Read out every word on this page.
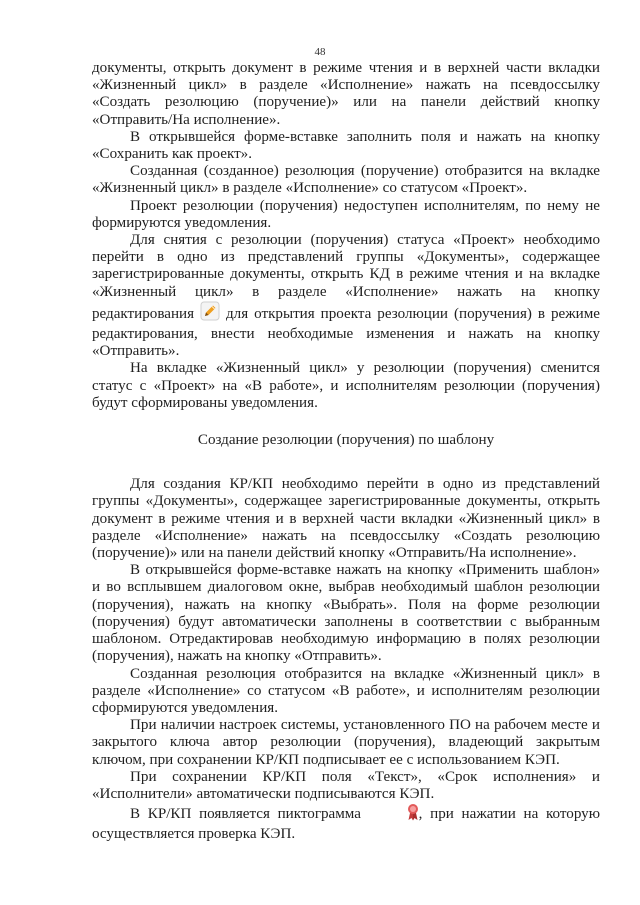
48

документы, открыть документ в режиме чтения и в верхней части вкладки «Жизненный цикл» в разделе «Исполнение» нажать на псевдоссылку «Создать резолюцию (поручение)» или на панели действий кнопку «Отправить/На исполнение».

В открывшейся форме-вставке заполнить поля и нажать на кнопку «Сохранить как проект».

Созданная (созданное) резолюция (поручение) отобразится на вкладке «Жизненный цикл» в разделе «Исполнение» со статусом «Проект».

Проект резолюции (поручения) недоступен исполнителям, по нему не формируются уведомления.

Для снятия с резолюции (поручения) статуса «Проект» необходимо перейти в одно из представлений группы «Документы», содержащее зарегистрированные документы, открыть КД в режиме чтения и на вкладке «Жизненный цикл» в разделе «Исполнение» нажать на кнопку

редактирования для открытия проекта резолюции (поручения) в режиме редактирования, внести необходимые изменения и нажать на кнопку «Отправить».

На вкладке «Жизненный цикл» у резолюции (поручения) сменится статус с «Проект» на «В работе», и исполнителям резолюции (поручения) будут сформированы уведомления.

Создание резолюции (поручения) по шаблону

Для создания КР/КП необходимо перейти в одно из представлений группы «Документы», содержащее зарегистрированные документы, открыть документ в режиме чтения и в верхней части вкладки «Жизненный цикл» в разделе «Исполнение» нажать на псевдоссылку «Создать резолюцию (поручение)» или на панели действий кнопку «Отправить/На исполнение».

В открывшейся форме-вставке нажать на кнопку «Применить шаблон» и во всплывшем диалоговом окне, выбрав необходимый шаблон резолюции (поручения), нажать на кнопку «Выбрать». Поля на форме резолюции (поручения) будут автоматически заполнены в соответствии с выбранным шаблоном. Отредактировав необходимую информацию в полях резолюции (поручения), нажать на кнопку «Отправить».

Созданная резолюция отобразится на вкладке «Жизненный цикл» в разделе «Исполнение» со статусом «В работе», и исполнителям резолюции сформируются уведомления.

При наличии настроек системы, установленного ПО на рабочем месте и закрытого ключа автор резолюции (поручения), владеющий закрытым ключом, при сохранении КР/КП подписывает ее с использованием КЭП.

При сохранении КР/КП поля «Текст», «Срок исполнения» и «Исполнители» автоматически подписываются КЭП.

В КР/КП появляется пиктограмма	, при нажатии на которую осуществляется проверка КЭП.
